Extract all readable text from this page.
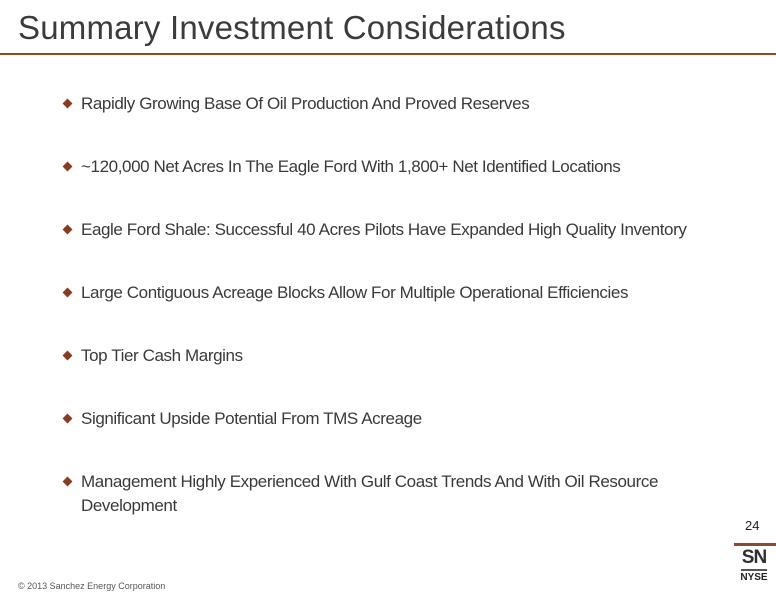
Summary Investment Considerations
Rapidly Growing Base Of Oil Production And Proved Reserves
~120,000 Net Acres In The Eagle Ford With 1,800+ Net Identified Locations
Eagle Ford Shale: Successful 40 Acres Pilots Have Expanded High Quality Inventory
Large Contiguous Acreage Blocks Allow For Multiple Operational Efficiencies
Top Tier Cash Margins
Significant Upside Potential From TMS Acreage
Management Highly Experienced With Gulf Coast Trends And With Oil Resource Development
24
SN
NYSE
© 2013 Sanchez Energy Corporation
